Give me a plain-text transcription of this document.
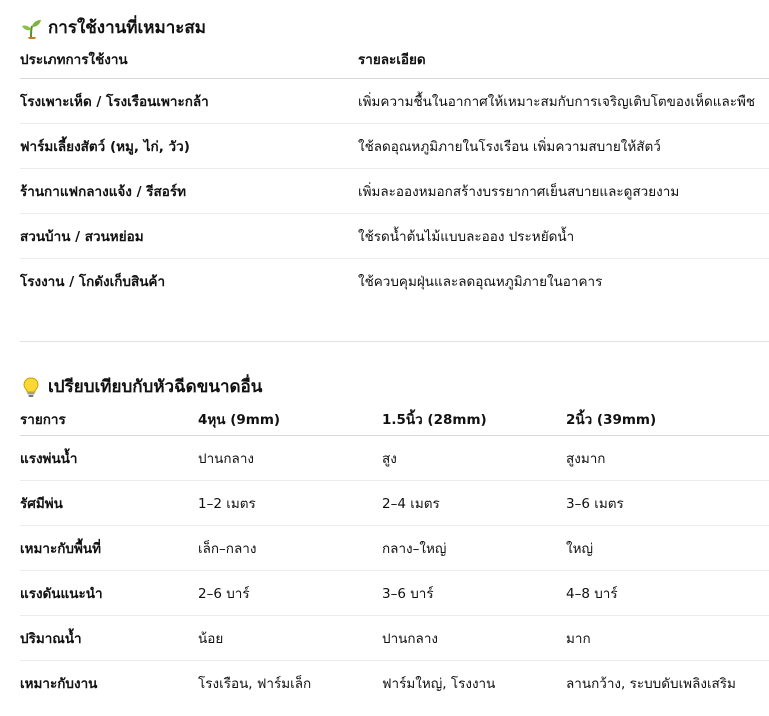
การใช้งานที่เหมาะสม
ประเภทการใช้งาน	รายละเอียด
โรงเพาะเห็ด / โรงเรือนเพาะกล้า	เพิ่มความชื้นในอากาศให้เหมาะสมกับการเจริญเติบโตของเห็ดและพืช
ฟาร์มเลี้ยงสัตว์ (หมู, ไก่, วัว)	ใช้ลดอุณหภูมิภายในโรงเรือน เพิ่มความสบายให้สัตว์
ร้านกาแฟกลางแจ้ง / รีสอร์ท	เพิ่มละอองหมอกสร้างบรรยากาศเย็นสบายและดูสวยงาม
สวนบ้าน / สวนหย่อม	ใช้รดน้ำต้นไม้แบบละออง ประหยัดน้ำ
โรงงาน / โกดังเก็บสินค้า	ใช้ควบคุมฝุ่นและลดอุณหภูมิภายในอาคาร
เปรียบเทียบกับหัวฉีดขนาดอื่น
รายการ	4หุน (9mm)	1.5นิ้ว (28mm)	2นิ้ว (39mm)
แรงพ่นน้ำ	ปานกลาง	สูง	สูงมาก
รัศมีพ่น	1–2 เมตร	2–4 เมตร	3–6 เมตร
เหมาะกับพื้นที่	เล็ก–กลาง	กลาง–ใหญ่	ใหญ่
แรงดันแนะนำ	2–6 บาร์	3–6 บาร์	4–8 บาร์
ปริมาณน้ำ	น้อย	ปานกลาง	มาก
เหมาะกับงาน	โรงเรือน, ฟาร์มเล็ก	ฟาร์มใหญ่, โรงงาน	ลานกว้าง, ระบบดับเพลิงเสริม
